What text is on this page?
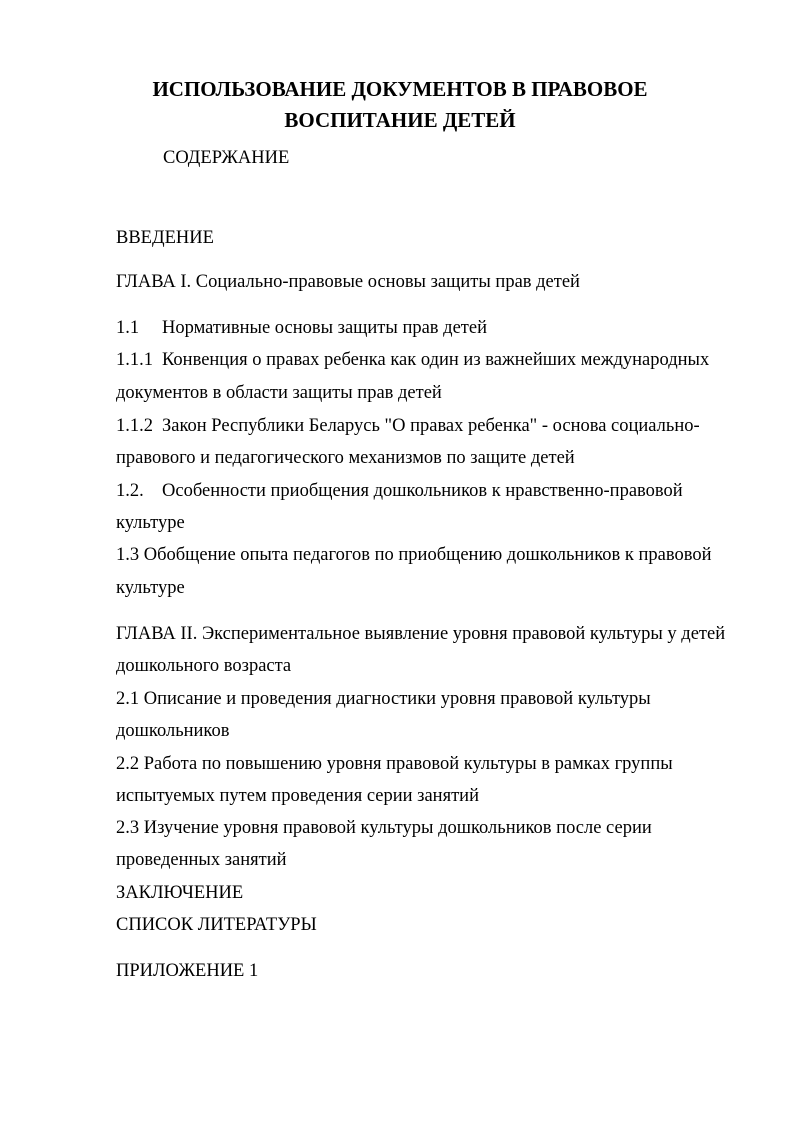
ИСПОЛЬЗОВАНИЕ ДОКУМЕНТОВ В ПРАВОВОЕ
ВОСПИТАНИЕ ДЕТЕЙ
СОДЕРЖАНИЕ
ВВЕДЕНИЕ
ГЛАВА I. Социально-правовые основы защиты прав детей
1.1 Нормативные основы защиты прав детей
1.1.1 Конвенция о правах ребенка как один из важнейших международных
документов в области защиты прав детей
1.1.2 Закон Республики Беларусь "О правах ребенка" - основа социально-
правового и педагогического механизмов по защите детей
1.2. Особенности приобщения дошкольников к нравственно-правовой
культуре
1.3 Обобщение опыта педагогов по приобщению дошкольников к правовой
культуре
ГЛАВА II. Экспериментальное выявление уровня правовой культуры у детей
дошкольного возраста
2.1 Описание и проведения диагностики уровня правовой культуры
дошкольников
2.2 Работа по повышению уровня правовой культуры в рамках группы
испытуемых путем проведения серии занятий
2.3 Изучение уровня правовой культуры дошкольников после серии
проведенных занятий
ЗАКЛЮЧЕНИЕ
СПИСОК ЛИТЕРАТУРЫ
ПРИЛОЖЕНИЕ 1
